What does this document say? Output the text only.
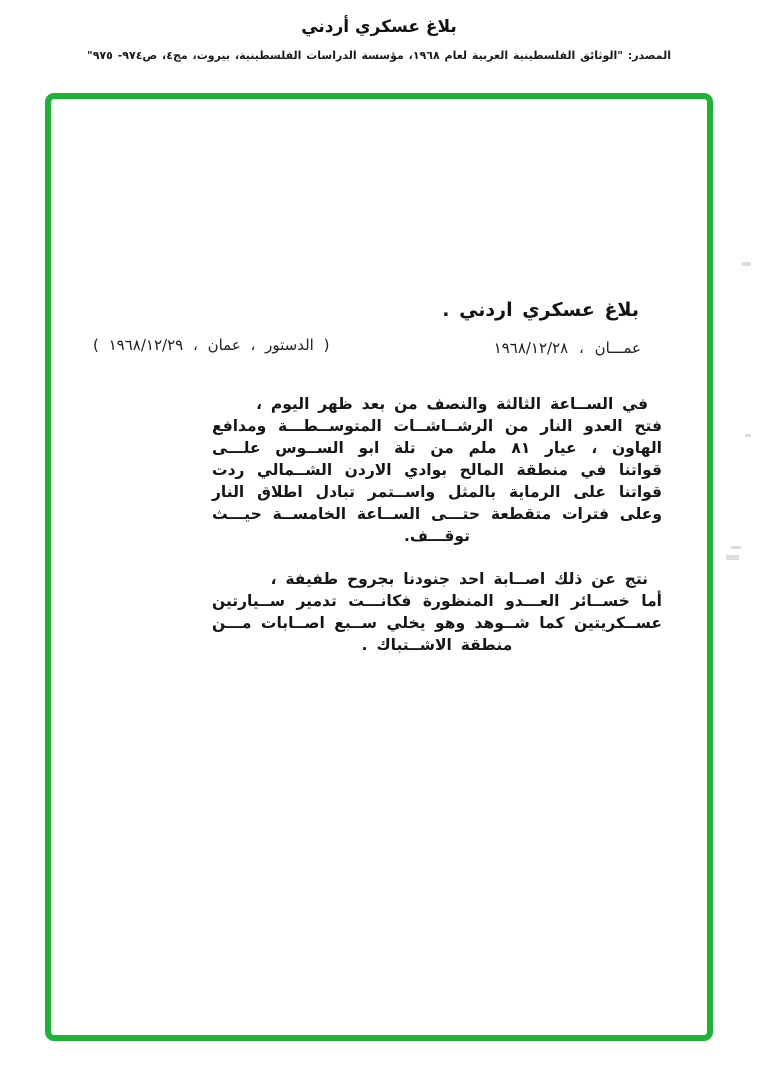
بلاغ عسكري أردني
المصدر: "الوثائق الفلسطينية العربية لعام ١٩٦٨، مؤسسة الدراسات الفلسطينية، بيروت، مج٤، ص٩٧٤- ٩٧٥"
بلاغ عسكري اردني .
عمـــان ، ١٩٦٨/١٢/٢٨
( الدستور ، عمان ، ١٩٦٨/١٢/٢٩ )
في الســاعة الثالثة والنصف من بعد ظهر اليوم ،
فتح العدو النار من الرشــاشــات المتوســطـــة ومدافع
الهاون ، عيار ٨١ ملم من تلة ابو الســوس علـــى
قواتنا في منطقة المالح بوادي الاردن الشــمالي ردت
قواتنا على الرماية بالمثل واســتمر تبادل اطلاق النار
وعلى فترات متقطعة حتـــى الســاعة الخامســة حيـــث
توقـــف.
نتج عن ذلك اصــابة احد جنودنا بجروح طفيفة ،
أما خســائر العـــدو المنظورة فكانـــت تدمير ســيارتين
عســكريتين كما شــوهد وهو يخلي ســبع اصــابات مـــن
منطقة الاشــتباك .
